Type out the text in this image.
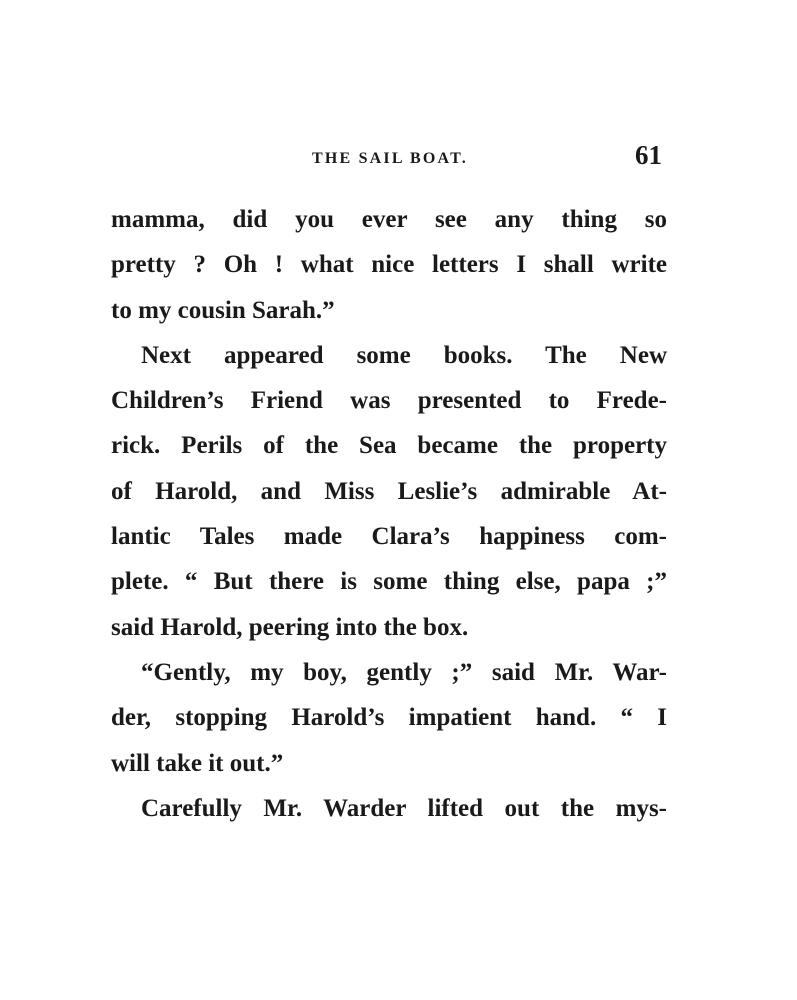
THE SAIL BOAT.	61
mamma, did you ever see any thing so
pretty ? Oh ! what nice letters I shall write
to my cousin Sarah.”
Next appeared some books. The New
Children’s Friend was presented to Frede-
rick. Perils of the Sea became the property
of Harold, and Miss Leslie’s admirable At-
lantic Tales made Clara’s happiness com-
plete. “ But there is some thing else, papa ;”
said Harold, peering into the box.
“Gently, my boy, gently ;” said Mr. War-
der, stopping Harold’s impatient hand. “ I
will take it out.”
Carefully Mr. Warder lifted out the mys-
